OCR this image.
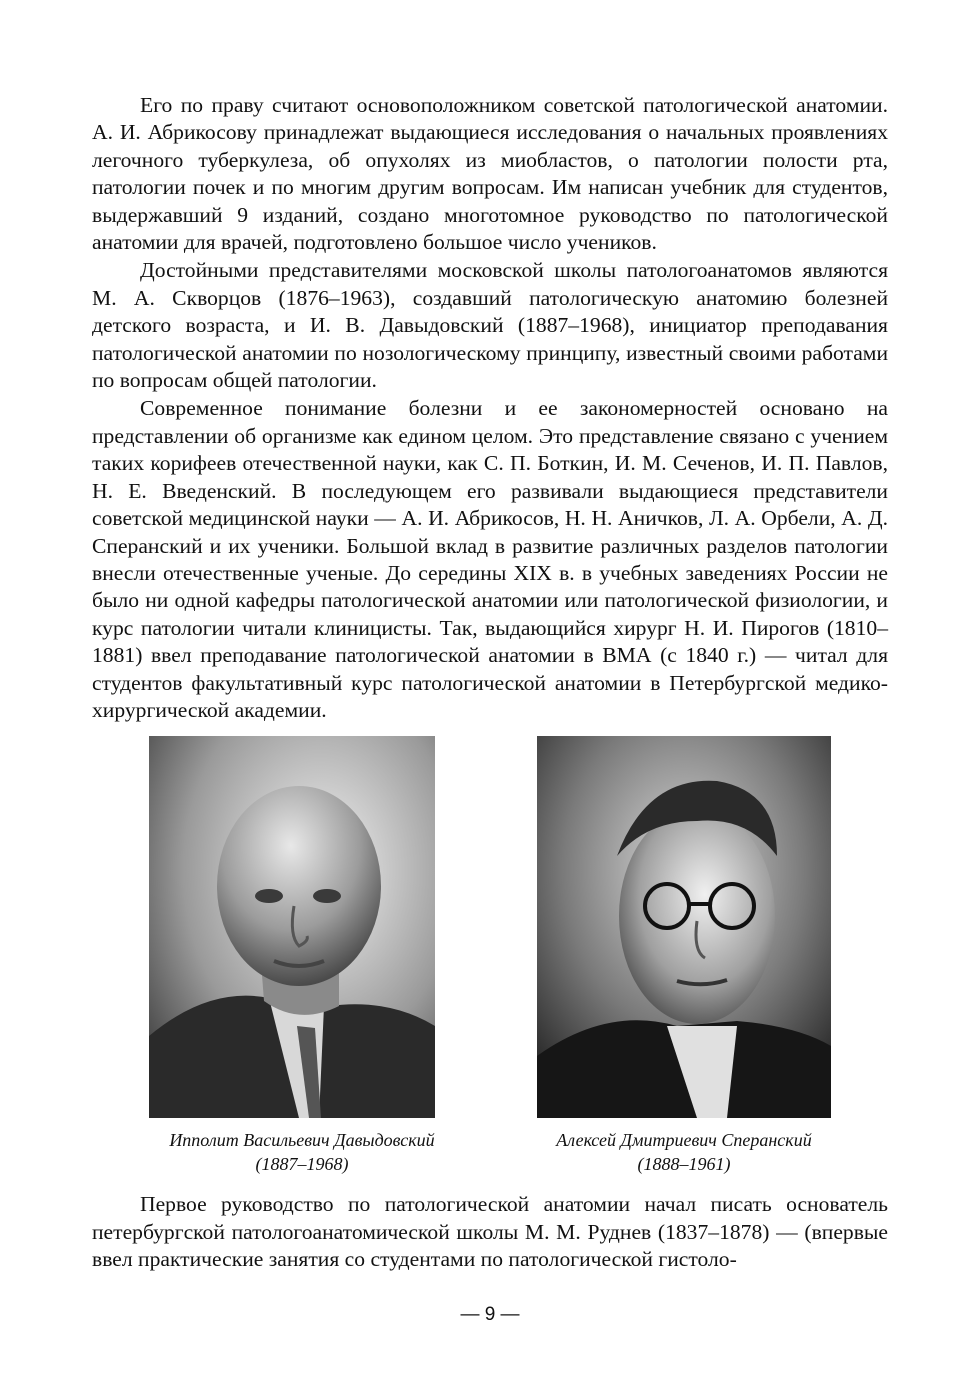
Его по праву считают основоположником советской патологической анатомии. А. И. Абрикосову принадлежат выдающиеся исследования о начальных проявлениях легочного туберкулеза, об опухолях из миобластов, о патологии полости рта, патологии почек и по многим другим вопросам. Им написан учебник для студентов, выдержавший 9 изданий, создано многотомное руководство по патологической анатомии для врачей, подготовлено большое число учеников.

Достойными представителями московской школы патологоанатомов являются М. А. Скворцов (1876–1963), создавший патологическую анатомию болезней детского возраста, и И. В. Давыдовский (1887–1968), инициатор преподавания патологической анатомии по нозологическому принципу, известный своими работами по вопросам общей патологии.

Современное понимание болезни и ее закономерностей основано на представлении об организме как едином целом. Это представление связано с учением таких корифеев отечественной науки, как С. П. Боткин, И. М. Сеченов, И. П. Павлов, Н. Е. Введенский. В последующем его развивали выдающиеся представители советской медицинской науки — А. И. Абрикосов, Н. Н. Аничков, Л. А. Орбели, А. Д. Сперанский и их ученики. Большой вклад в развитие различных разделов патологии внесли отечественные ученые. До середины XIX в. в учебных заведениях России не было ни одной кафедры патологической анатомии или патологической физиологии, и курс патологии читали клиницисты. Так, выдающийся хирург Н. И. Пирогов (1810–1881) ввел преподавание патологической анатомии в ВМА (с 1840 г.) — читал для студентов факультативный курс патологической анатомии в Петербургской медико-хирургической академии.

Ипполит Васильевич Давыдовский
(1887–1968)
Алексей Дмитриевич Сперанский
(1888–1961)

Первое руководство по патологической анатомии начал писать основатель петербургской патологоанатомической школы М. М. Руднев (1837–1878) — (впервые ввел практические занятия со студентами по патологической гистоло-

— 9 —
